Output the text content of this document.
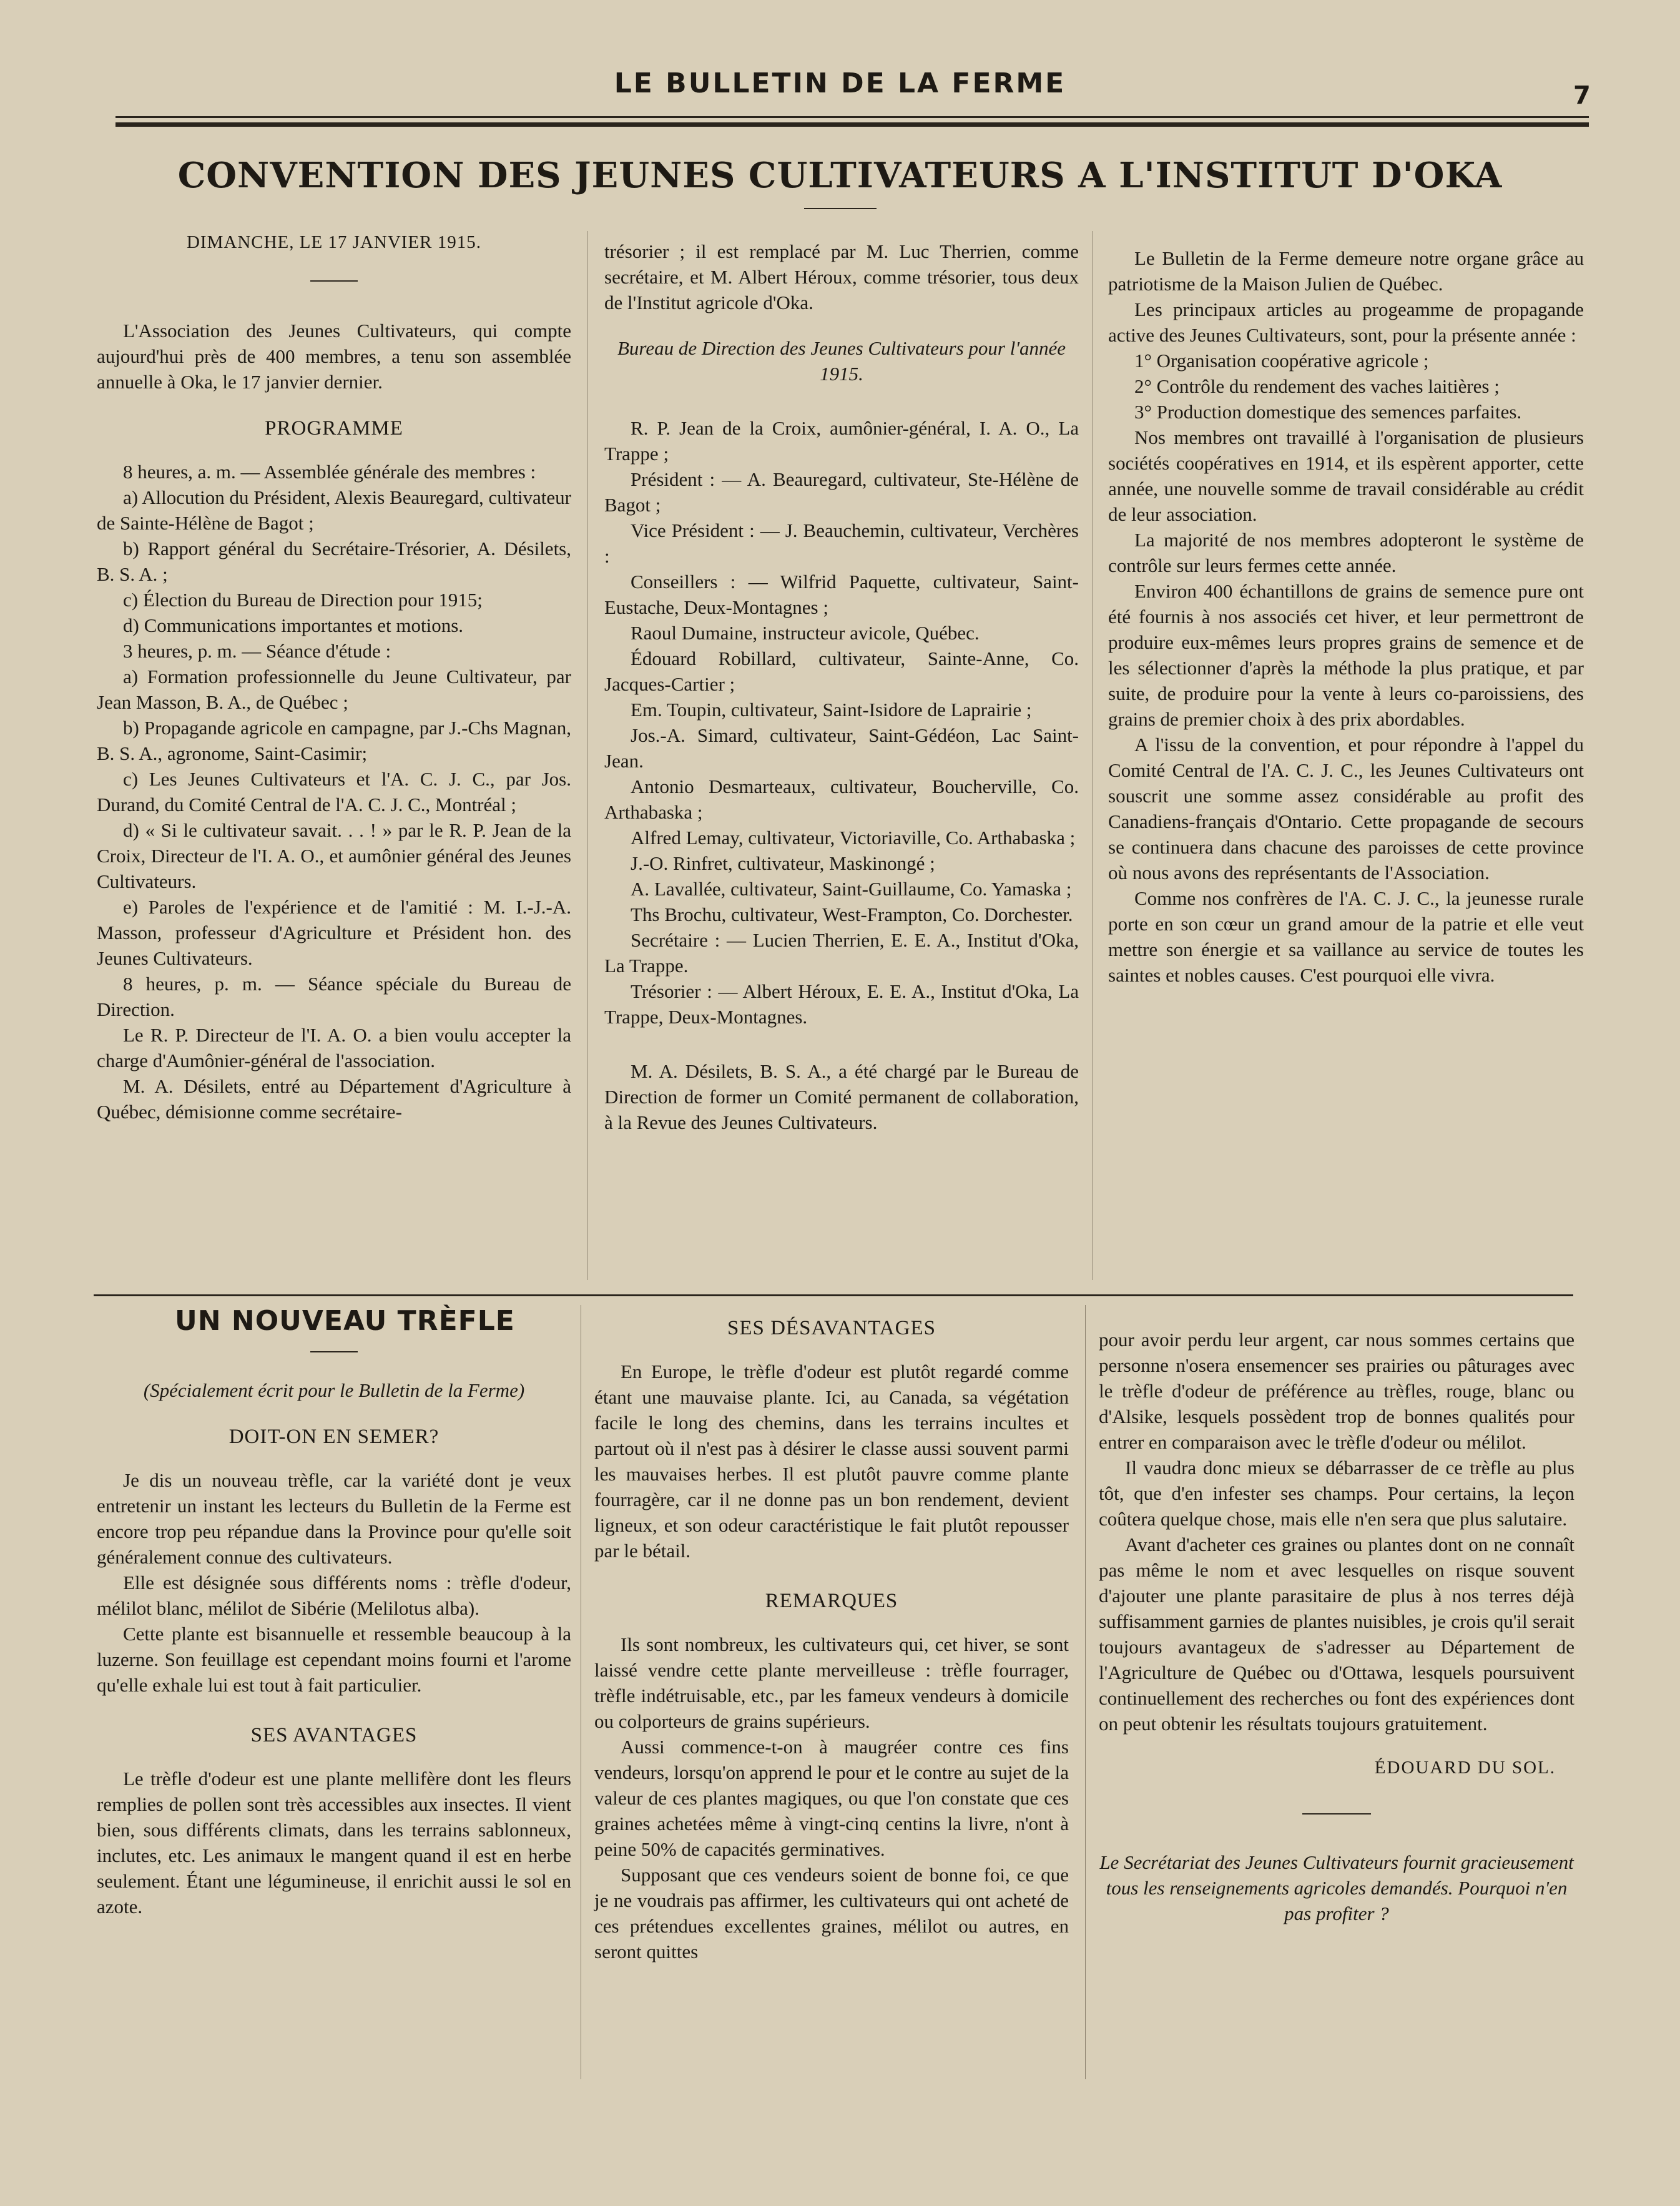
LE BULLETIN DE LA FERME	7
CONVENTION DES JEUNES CULTIVATEURS A L'INSTITUT D'OKA
DIMANCHE, LE 17 JANVIER 1915.

L'Association des Jeunes Cultivateurs, qui compte aujourd'hui près de 400 membres, a tenu son assemblée annuelle à Oka, le 17 janvier dernier.

PROGRAMME

8 heures, a. m. — Assemblée générale des membres :

a) Allocution du Président, Alexis Beauregard, cultivateur de Sainte-Hélène de Bagot ;

b) Rapport général du Secrétaire-Trésorier, A. Désilets, B. S. A. ;

c) Élection du Bureau de Direction pour 1915;

d) Communications importantes et motions.

3 heures, p. m. — Séance d'étude :

a) Formation professionnelle du Jeune Cultivateur, par Jean Masson, B. A., de Québec ;

b) Propagande agricole en campagne, par J.-Chs Magnan, B. S. A., agronome, Saint-Casimir;

c) Les Jeunes Cultivateurs et l'A. C. J. C., par Jos. Durand, du Comité Central de l'A. C. J. C., Montréal ;

d) « Si le cultivateur savait. . . ! » par le R. P. Jean de la Croix, Directeur de l'I. A. O., et aumônier général des Jeunes Cultivateurs.

e) Paroles de l'expérience et de l'amitié : M. I.-J.-A. Masson, professeur d'Agriculture et Président hon. des Jeunes Cultivateurs.

8 heures, p. m. — Séance spéciale du Bureau de Direction.

Le R. P. Directeur de l'I. A. O. a bien voulu accepter la charge d'Aumônier-général de l'association.

M. A. Désilets, entré au Département d'Agriculture à Québec, démisionne comme secrétaire-

trésorier ; il est remplacé par M. Luc Therrien, comme secrétaire, et M. Albert Héroux, comme trésorier, tous deux de l'Institut agricole d'Oka.

Bureau de Direction des Jeunes Cultivateurs pour l'année 1915.

R. P. Jean de la Croix, aumônier-général, I. A. O., La Trappe ;

Président : — A. Beauregard, cultivateur, Ste-Hélène de Bagot ;

Vice Président : — J. Beauchemin, cultivateur, Verchères :

Conseillers : — Wilfrid Paquette, cultivateur, Saint-Eustache, Deux-Montagnes ;

Raoul Dumaine, instructeur avicole, Québec.

Édouard Robillard, cultivateur, Sainte-Anne, Co. Jacques-Cartier ;

Em. Toupin, cultivateur, Saint-Isidore de Laprairie ;

Jos.-A. Simard, cultivateur, Saint-Gédéon, Lac Saint-Jean.

Antonio Desmarteaux, cultivateur, Boucherville, Co. Arthabaska ;

Alfred Lemay, cultivateur, Victoriaville, Co. Arthabaska ;

J.-O. Rinfret, cultivateur, Maskinongé ;

A. Lavallée, cultivateur, Saint-Guillaume, Co. Yamaska ;

Ths Brochu, cultivateur, West-Frampton, Co. Dorchester.

Secrétaire : — Lucien Therrien, E. E. A., Institut d'Oka, La Trappe.

Trésorier : — Albert Héroux, E. E. A., Institut d'Oka, La Trappe, Deux-Montagnes.

M. A. Désilets, B. S. A., a été chargé par le Bureau de Direction de former un Comité permanent de collaboration, à la Revue des Jeunes Cultivateurs.

Le Bulletin de la Ferme demeure notre organe grâce au patriotisme de la Maison Julien de Québec.

Les principaux articles au progeamme de propagande active des Jeunes Cultivateurs, sont, pour la présente année :

1° Organisation coopérative agricole ;

2° Contrôle du rendement des vaches laitières ;

3° Production domestique des semences parfaites.

Nos membres ont travaillé à l'organisation de plusieurs sociétés coopératives en 1914, et ils espèrent apporter, cette année, une nouvelle somme de travail considérable au crédit de leur association.

La majorité de nos membres adopteront le système de contrôle sur leurs fermes cette année.

Environ 400 échantillons de grains de semence pure ont été fournis à nos associés cet hiver, et leur permettront de produire eux-mêmes leurs propres grains de semence et de les sélectionner d'après la méthode la plus pratique, et par suite, de produire pour la vente à leurs co-paroissiens, des grains de premier choix à des prix abordables.

A l'issu de la convention, et pour répondre à l'appel du Comité Central de l'A. C. J. C., les Jeunes Cultivateurs ont souscrit une somme assez considérable au profit des Canadiens-français d'Ontario. Cette propagande de secours se continuera dans chacune des paroisses de cette province où nous avons des représentants de l'Association.

Comme nos confrères de l'A. C. J. C., la jeunesse rurale porte en son cœur un grand amour de la patrie et elle veut mettre son énergie et sa vaillance au service de toutes les saintes et nobles causes. C'est pourquoi elle vivra.

UN NOUVEAU TRÈFLE

(Spécialement écrit pour le Bulletin de la Ferme)

DOIT-ON EN SEMER?

Je dis un nouveau trèfle, car la variété dont je veux entretenir un instant les lecteurs du Bulletin de la Ferme est encore trop peu répandue dans la Province pour qu'elle soit généralement connue des cultivateurs.

Elle est désignée sous différents noms : trèfle d'odeur, mélilot blanc, mélilot de Sibérie (Melilotus alba).

Cette plante est bisannuelle et ressemble beaucoup à la luzerne. Son feuillage est cependant moins fourni et l'arome qu'elle exhale lui est tout à fait particulier.

SES AVANTAGES

Le trèfle d'odeur est une plante mellifère dont les fleurs remplies de pollen sont très accessibles aux insectes. Il vient bien, sous différents climats, dans les terrains sablonneux, inclutes, etc. Les animaux le mangent quand il est en herbe seulement. Étant une légumineuse, il enrichit aussi le sol en azote.

SES DÉSAVANTAGES

En Europe, le trèfle d'odeur est plutôt regardé comme étant une mauvaise plante. Ici, au Canada, sa végétation facile le long des chemins, dans les terrains incultes et partout où il n'est pas à désirer le classe aussi souvent parmi les mauvaises herbes. Il est plutôt pauvre comme plante fourragère, car il ne donne pas un bon rendement, devient ligneux, et son odeur caractéristique le fait plutôt repousser par le bétail.

REMARQUES

Ils sont nombreux, les cultivateurs qui, cet hiver, se sont laissé vendre cette plante merveilleuse : trèfle fourrager, trèfle indétruisable, etc., par les fameux vendeurs à domicile ou colporteurs de grains supérieurs.

Aussi commence-t-on à maugréer contre ces fins vendeurs, lorsqu'on apprend le pour et le contre au sujet de la valeur de ces plantes magiques, ou que l'on constate que ces graines achetées même à vingt-cinq centins la livre, n'ont à peine 50% de capacités germinatives.

Supposant que ces vendeurs soient de bonne foi, ce que je ne voudrais pas affirmer, les cultivateurs qui ont acheté de ces prétendues excellentes graines, mélilot ou autres, en seront quittes

pour avoir perdu leur argent, car nous sommes certains que personne n'osera ensemencer ses prairies ou pâturages avec le trèfle d'odeur de préférence au trèfles, rouge, blanc ou d'Alsike, lesquels possèdent trop de bonnes qualités pour entrer en comparaison avec le trèfle d'odeur ou mélilot.

Il vaudra donc mieux se débarrasser de ce trèfle au plus tôt, que d'en infester ses champs. Pour certains, la leçon coûtera quelque chose, mais elle n'en sera que plus salutaire.

Avant d'acheter ces graines ou plantes dont on ne connaît pas même le nom et avec lesquelles on risque souvent d'ajouter une plante parasitaire de plus à nos terres déjà suffisamment garnies de plantes nuisibles, je crois qu'il serait toujours avantageux de s'adresser au Département de l'Agriculture de Québec ou d'Ottawa, lesquels poursuivent continuellement des recherches ou font des expériences dont on peut obtenir les résultats toujours gratuitement.

ÉDOUARD DU SOL.

Le Secrétariat des Jeunes Cultivateurs fournit gracieusement tous les renseignements agricoles demandés. Pourquoi n'en pas profiter ?
